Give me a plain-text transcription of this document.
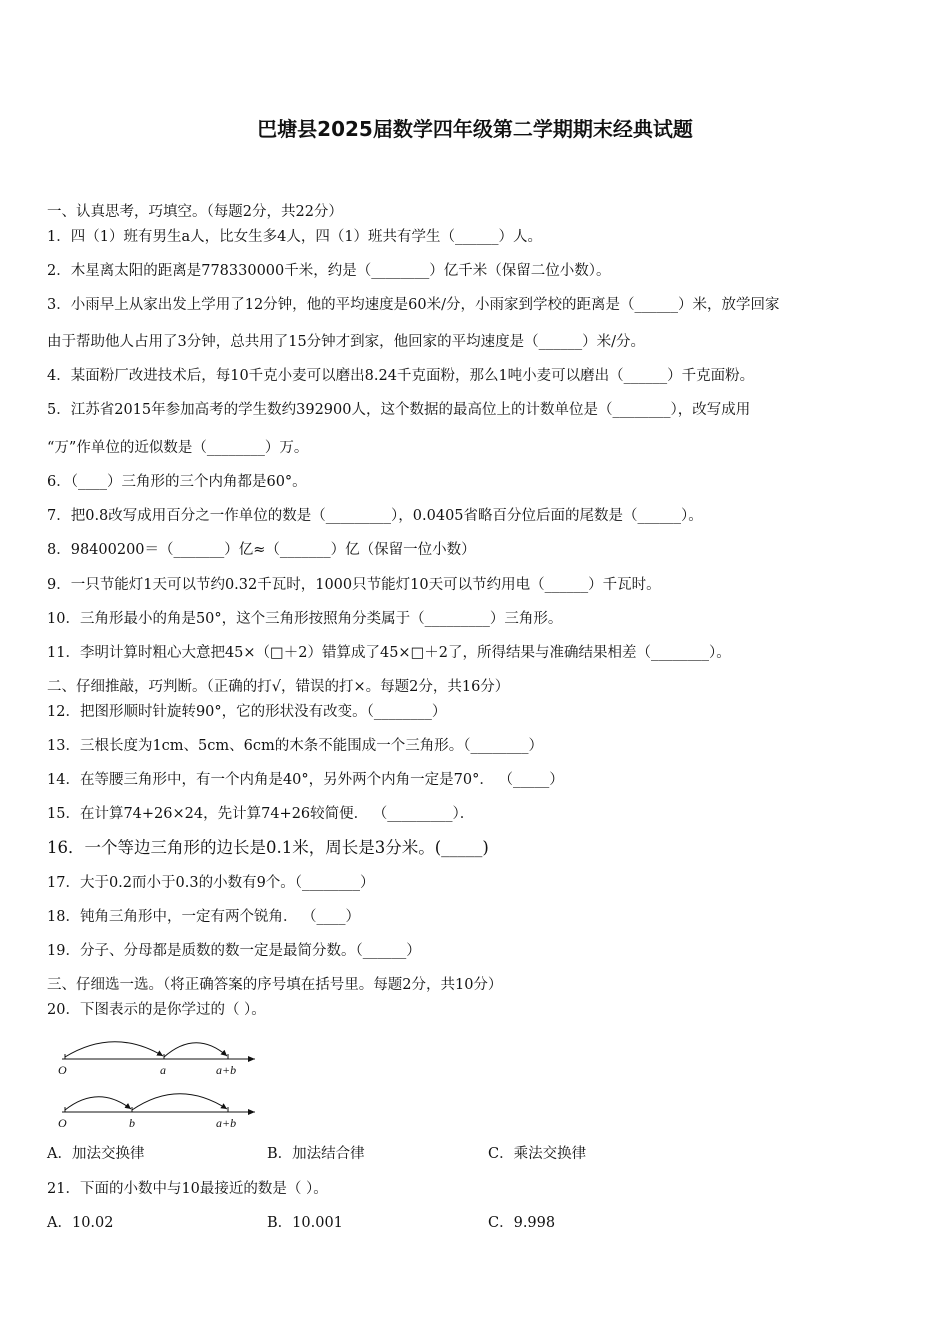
巴塘县2025届数学四年级第二学期期末经典试题
一、认真思考，巧填空。（每题2分，共22分）
1．四（1）班有男生a人，比女生多4人，四（1）班共有学生（______）人。
2．木星离太阳的距离是778330000千米，约是（________）亿千米（保留二位小数）。
3．小雨早上从家出发上学用了12分钟，他的平均速度是60米/分，小雨家到学校的距离是（______）米，放学回家
由于帮助他人占用了3分钟，总共用了15分钟才到家，他回家的平均速度是（______）米/分。
4．某面粉厂改进技术后，每10千克小麦可以磨出8.24千克面粉，那么1吨小麦可以磨出（______）千克面粉。
5．江苏省2015年参加高考的学生数约392900人，这个数据的最高位上的计数单位是（________），改写成用
“万”作单位的近似数是（________）万。
6．（____）三角形的三个内角都是60°。
7．把0.8改写成用百分之一作单位的数是（_________），0.0405省略百分位后面的尾数是（______）。
8．98400200＝（_______）亿≈（_______）亿（保留一位小数）
9．一只节能灯1天可以节约0.32千瓦时，1000只节能灯10天可以节约用电（______）千瓦时。
10．三角形最小的角是50°，这个三角形按照角分类属于（_________）三角形。
11．李明计算时粗心大意把45×（□＋2）错算成了45×□＋2了，所得结果与准确结果相差（________）。
二、仔细推敲，巧判断。（正确的打√，错误的打×。每题2分，共16分）
12．把图形顺时针旋转90°，它的形状没有改变。（________）
13．三根长度为1cm、5cm、6cm的木条不能围成一个三角形。（________）
14．在等腰三角形中，有一个内角是40°，另外两个内角一定是70°． （_____）
15．在计算74+26×24，先计算74+26较简便． （_________）．
16．一个等边三角形的边长是0.1米，周长是3分米。(_____)
17．大于0.2而小于0.3的小数有9个。（________）
18．钝角三角形中，一定有两个锐角． （____）
19．分子、分母都是质数的数一定是最简分数。（______）
三、仔细选一选。（将正确答案的序号填在括号里。每题2分，共10分）
20．下图表示的是你学过的（ ）。
O	a	a+b
O	b	a+b
A．加法交换律	B．加法结合律	C．乘法交换律
21．下面的小数中与10最接近的数是（ ）。
A．10.02	B．10.001	C．9.998
